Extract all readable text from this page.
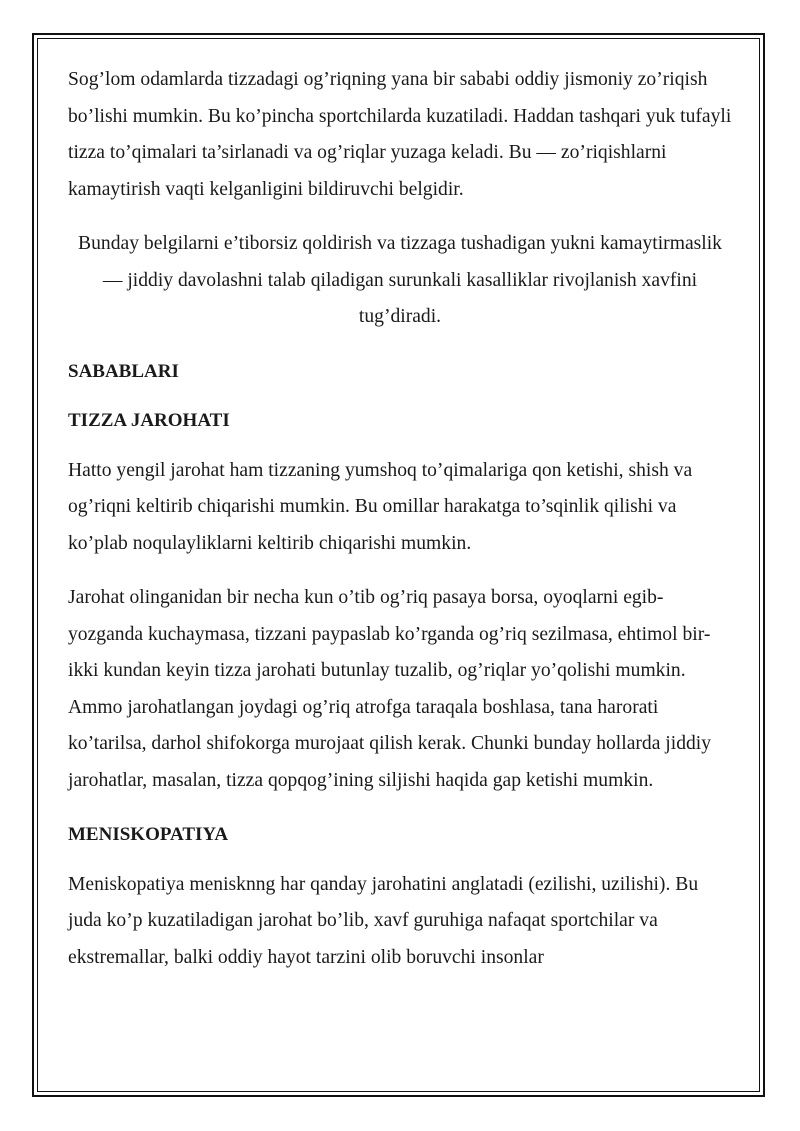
Sog’lom odamlarda tizzadagi og’riqning yana bir sababi oddiy jismoniy zo’riqish bo’lishi mumkin. Bu ko’pincha sportchilarda kuzatiladi. Haddan tashqari yuk tufayli tizza to’qimalari ta’sirlanadi va og’riqlar yuzaga keladi. Bu — zo’riqishlarni kamaytirish vaqti kelganligini bildiruvchi belgidir.

Bunday belgilarni e’tiborsiz qoldirish va tizzaga tushadigan yukni kamaytirmaslik — jiddiy davolashni talab qiladigan surunkali kasalliklar rivojlanish xavfini tug’diradi.

SABABLARI

TIZZA JAROHATI

Hatto yengil jarohat ham tizzaning yumshoq to’qimalariga qon ketishi, shish va og’riqni keltirib chiqarishi mumkin. Bu omillar harakatga to’sqinlik qilishi va ko’plab noqulayliklarni keltirib chiqarishi mumkin.

Jarohat olinganidan bir necha kun o’tib og’riq pasaya borsa, oyoqlarni egib-yozganda kuchaymasa, tizzani paypaslab ko’rganda og’riq sezilmasa, ehtimol bir-ikki kundan keyin tizza jarohati butunlay tuzalib, og’riqlar yo’qolishi mumkin. Ammo jarohatlangan joydagi og’riq atrofga taraqala boshlasa, tana harorati ko’tarilsa, darhol shifokorga murojaat qilish kerak. Chunki bunday hollarda jiddiy jarohatlar, masalan, tizza qopqog’ining siljishi haqida gap ketishi mumkin.

MENISKOPATIYA

Meniskopatiya menisknng har qanday jarohatini anglatadi (ezilishi, uzilishi). Bu juda ko’p kuzatiladigan jarohat bo’lib, xavf guruhiga nafaqat sportchilar va ekstremallar, balki oddiy hayot tarzini olib boruvchi insonlar
